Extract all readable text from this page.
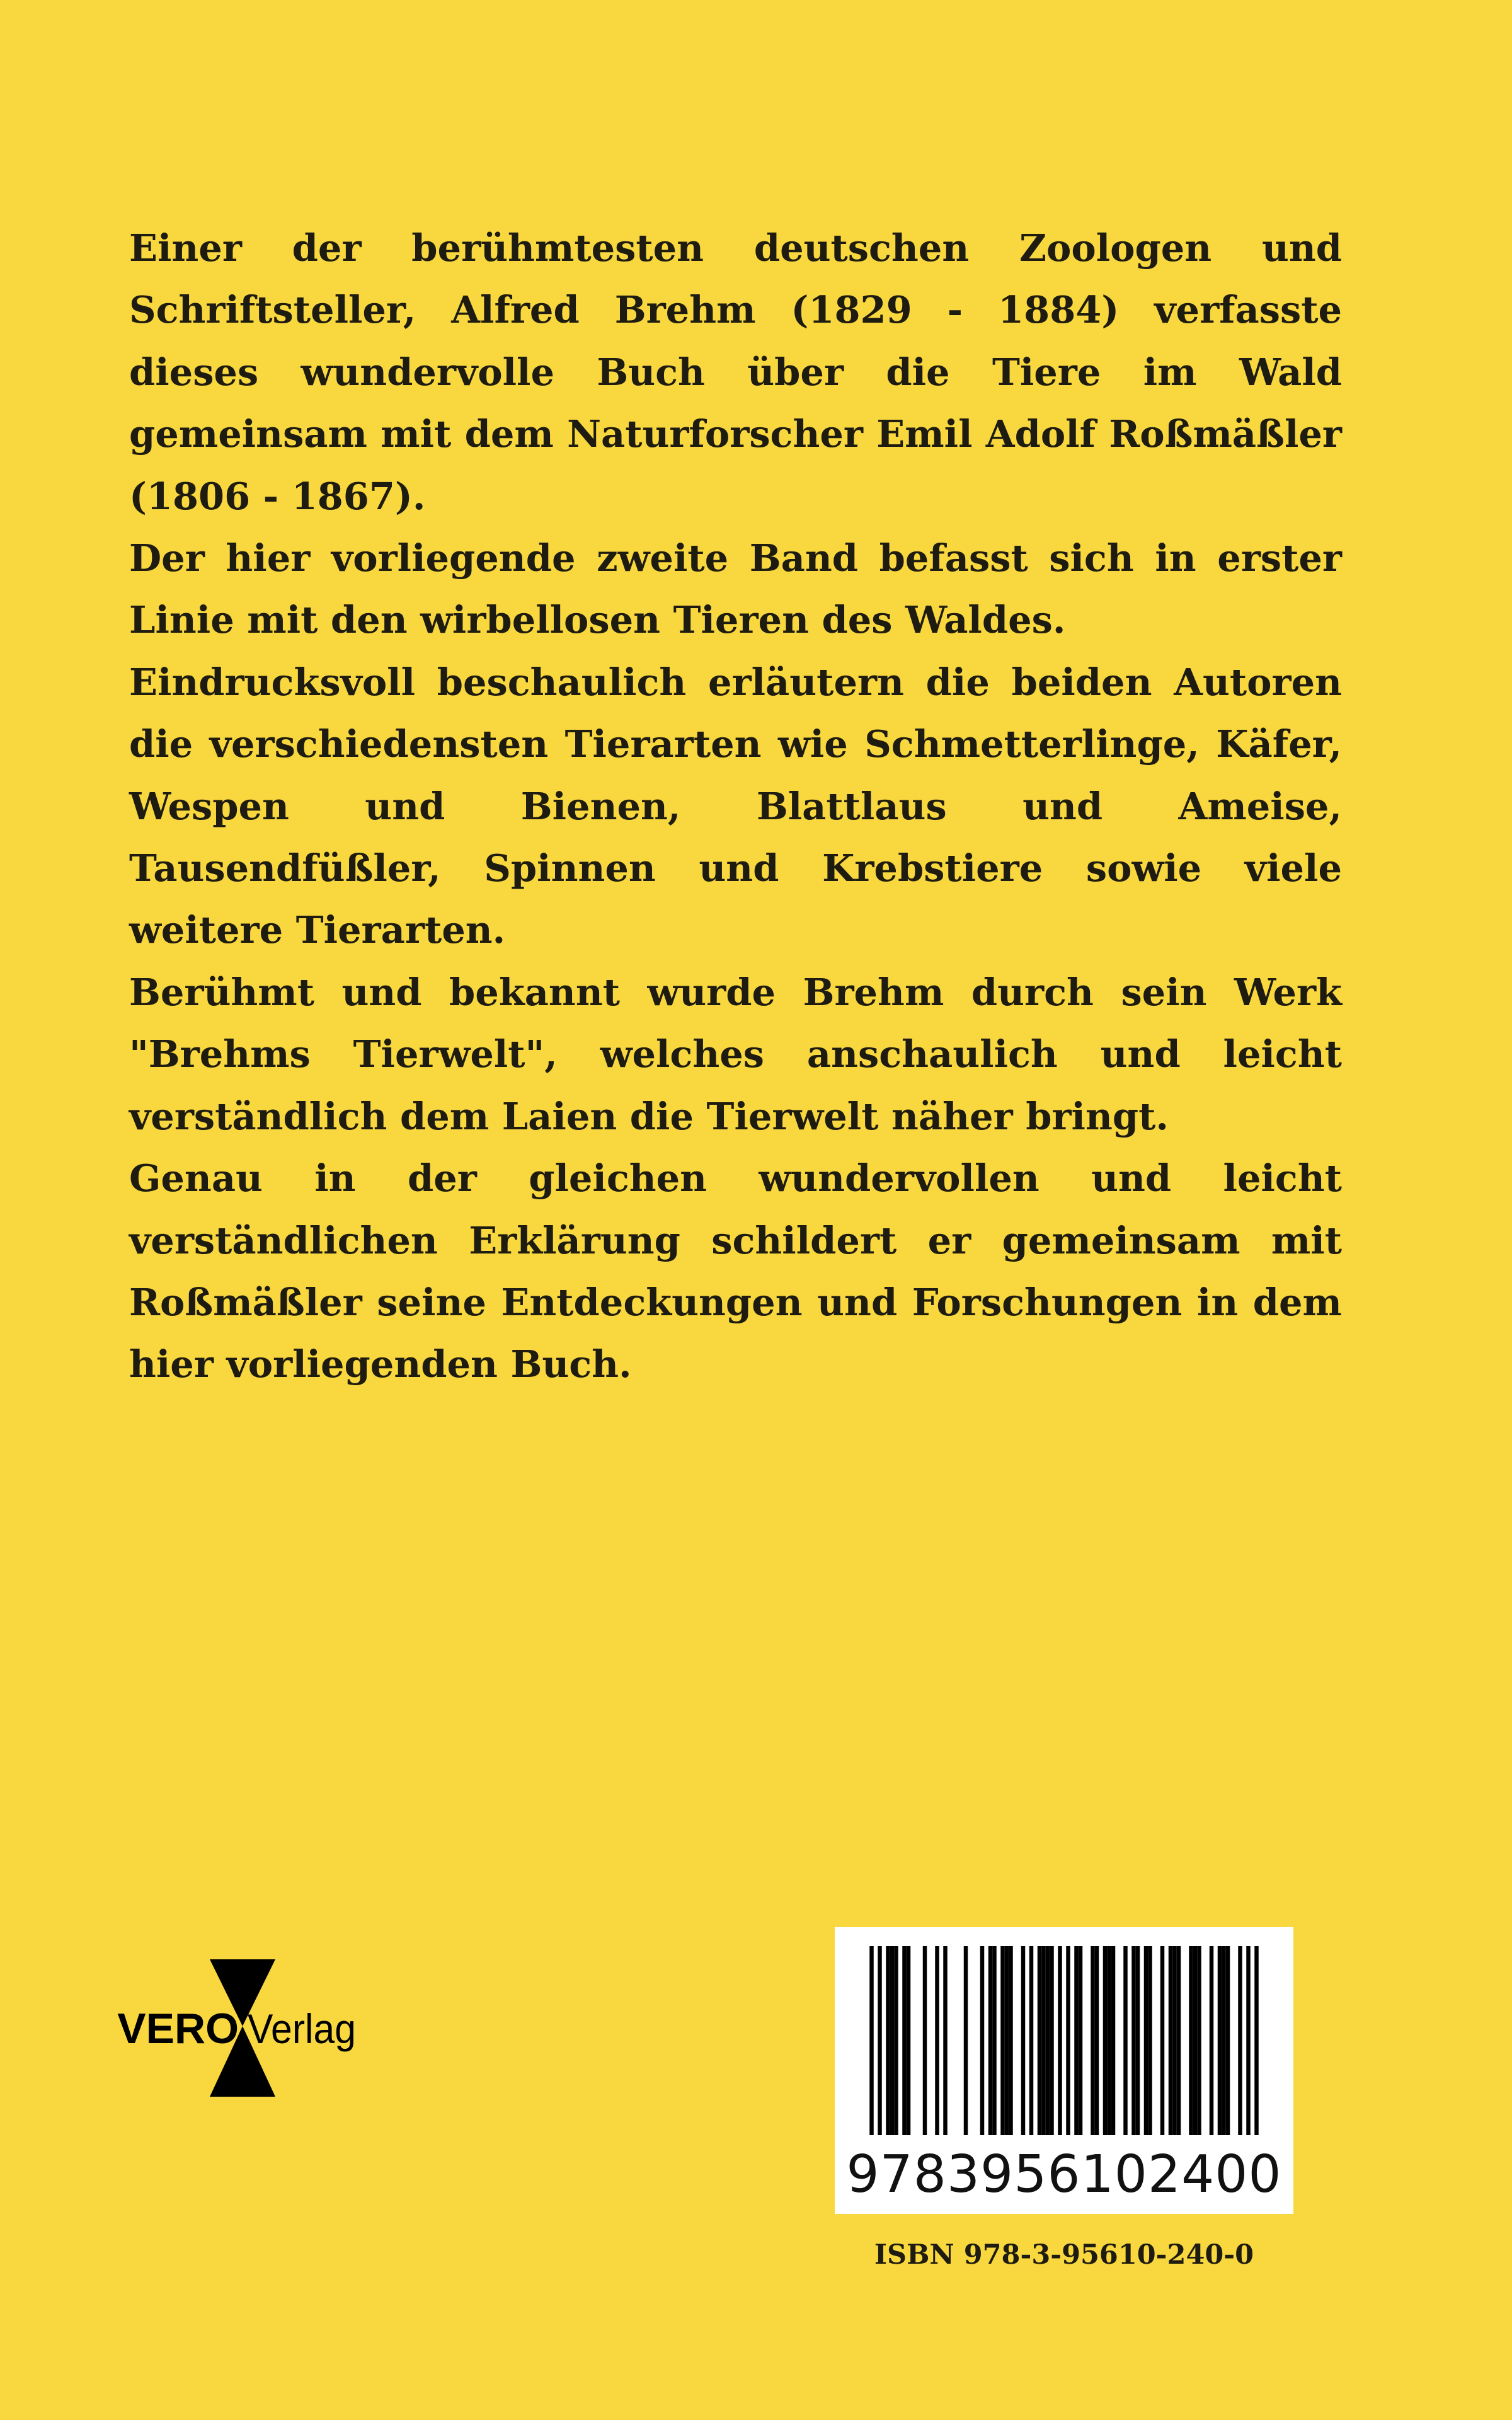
Einer der berühmtesten deutschen Zoologen und Schriftsteller, Alfred Brehm (1829 - 1884) verfasste dieses wundervolle Buch über die Tiere im Wald gemeinsam mit dem Naturforscher Emil Adolf Roßmäßler (1806 - 1867).

Der hier vorliegende zweite Band befasst sich in erster Linie mit den wirbellosen Tieren des Waldes.

Eindrucksvoll beschaulich erläutern die beiden Autoren die verschiedensten Tierarten wie Schmetterlinge, Käfer, Wespen und Bienen, Blattlaus und Ameise, Tausendfüßler, Spinnen und Krebstiere sowie viele weitere Tierarten.

Berühmt und bekannt wurde Brehm durch sein Werk "Brehms Tierwelt", welches anschaulich und leicht verständlich dem Laien die Tierwelt näher bringt.

Genau in der gleichen wundervollen und leicht verständlichen Erklärung schildert er gemeinsam mit Roßmäßler seine Entdeckungen und Forschungen in dem hier vorliegenden Buch.

VERO Verlag
9783956102400
ISBN 978-3-95610-240-0
